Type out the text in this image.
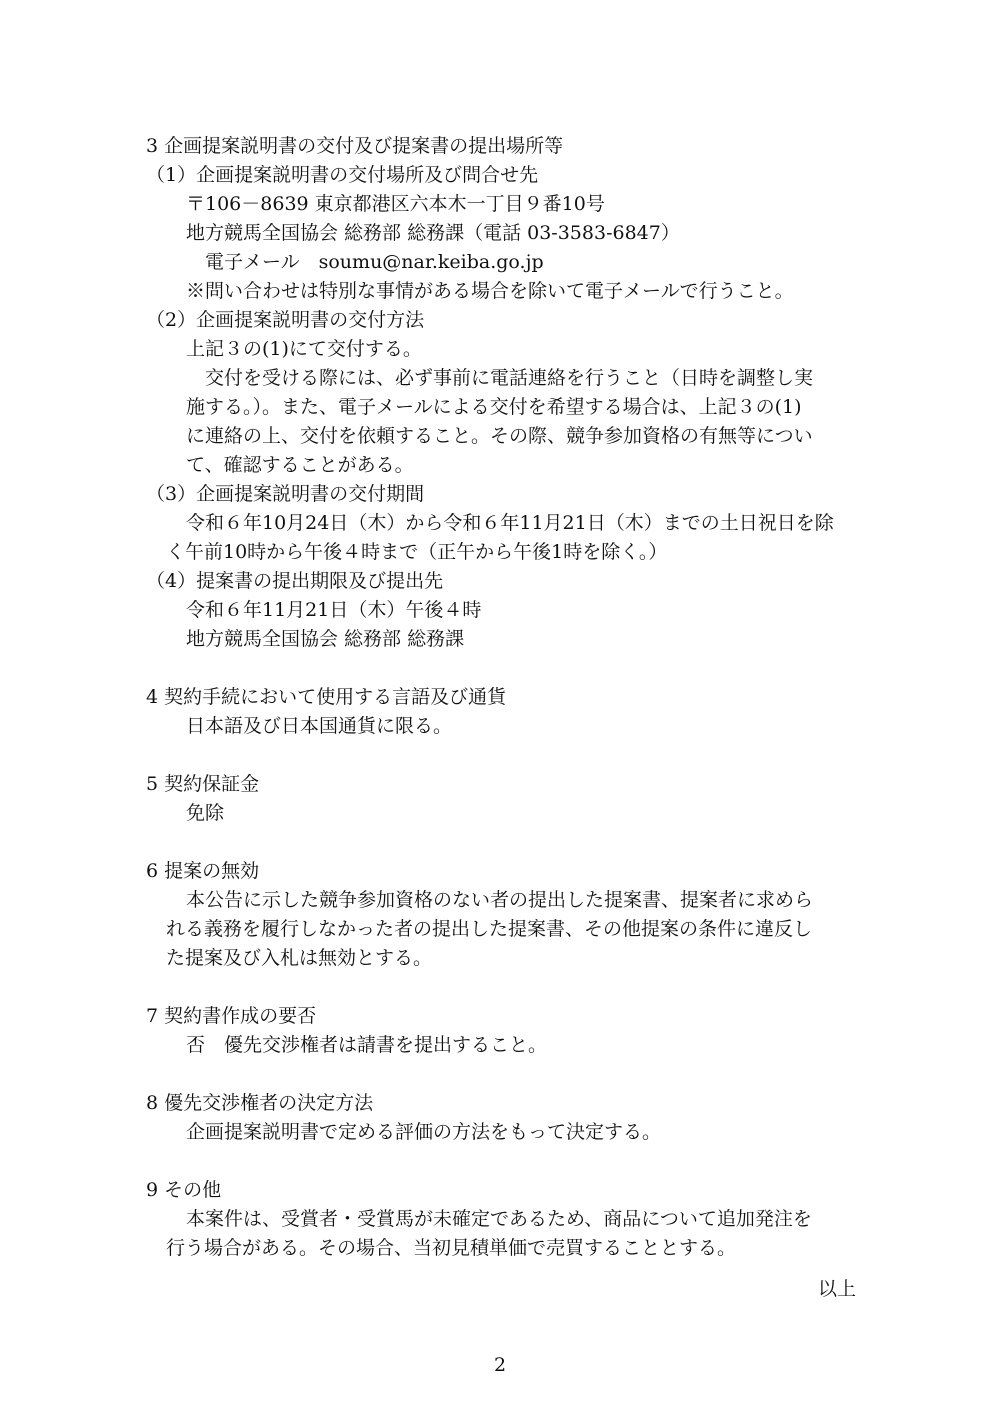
3 企画提案説明書の交付及び提案書の提出場所等
（1）企画提案説明書の交付場所及び問合せ先
〒106－8639 東京都港区六本木一丁目９番10号
地方競馬全国協会 総務部 総務課（電話 03-3583-6847）
電子メール　soumu@nar.keiba.go.jp
※問い合わせは特別な事情がある場合を除いて電子メールで行うこと。
（2）企画提案説明書の交付方法
上記３の(1)にて交付する。
交付を受ける際には、必ず事前に電話連絡を行うこと（日時を調整し実
施する。）。また、電子メールによる交付を希望する場合は、上記３の(1)
に連絡の上、交付を依頼すること。その際、競争参加資格の有無等につい
て、確認することがある。
（3）企画提案説明書の交付期間
令和６年10月24日（木）から令和６年11月21日（木）までの土日祝日を除
く午前10時から午後４時まで（正午から午後1時を除く。）
（4）提案書の提出期限及び提出先
令和６年11月21日（木）午後４時
地方競馬全国協会 総務部 総務課
4 契約手続において使用する言語及び通貨
日本語及び日本国通貨に限る。
5 契約保証金
免除
6 提案の無効
本公告に示した競争参加資格のない者の提出した提案書、提案者に求めら
れる義務を履行しなかった者の提出した提案書、その他提案の条件に違反し
た提案及び入札は無効とする。
7 契約書作成の要否
否　優先交渉権者は請書を提出すること。
8 優先交渉権者の決定方法
企画提案説明書で定める評価の方法をもって決定する。
9 その他
本案件は、受賞者・受賞馬が未確定であるため、商品について追加発注を
行う場合がある。その場合、当初見積単価で売買することとする。
以上
2
